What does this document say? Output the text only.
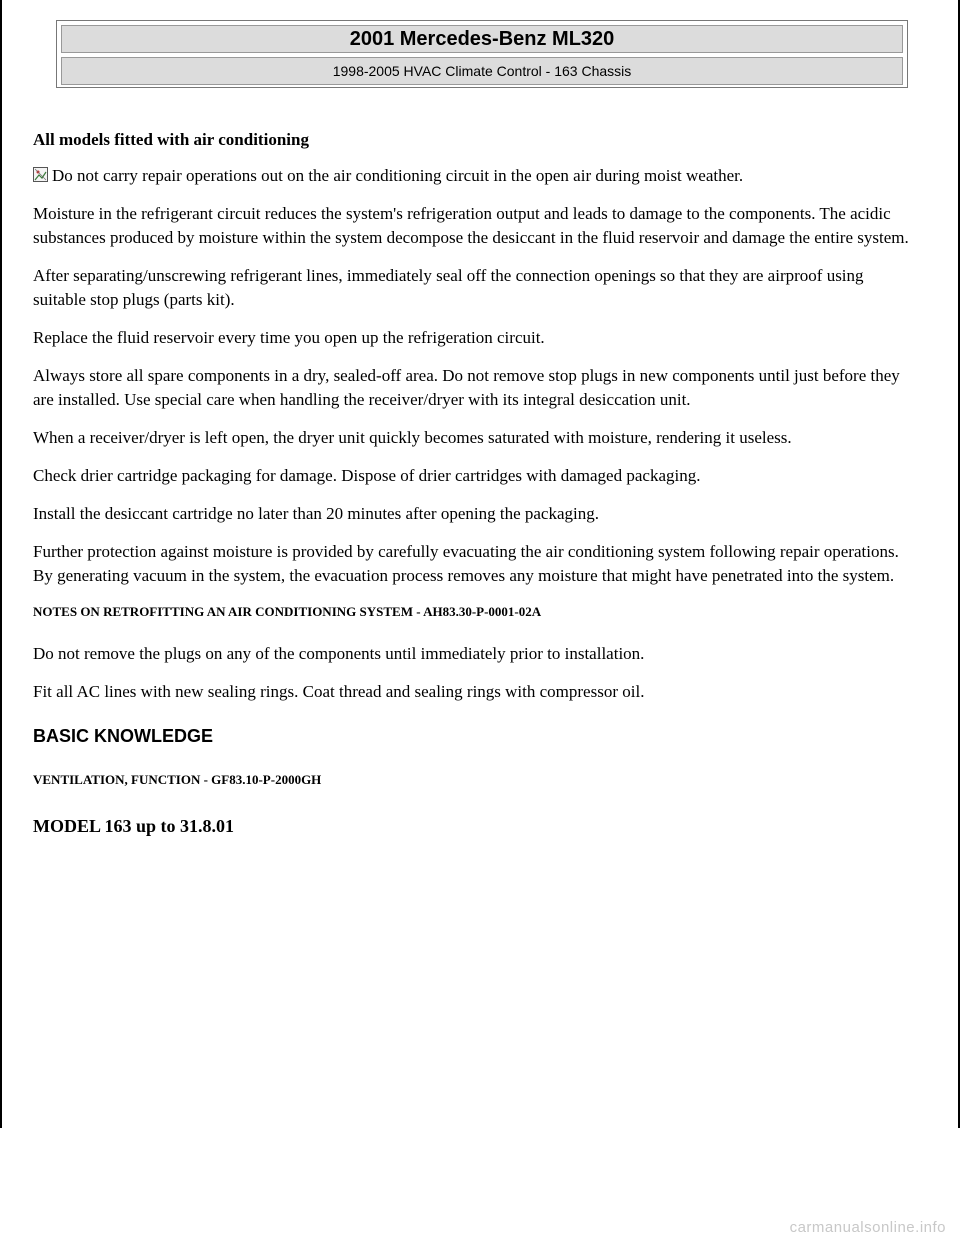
2001 Mercedes-Benz ML320
1998-2005 HVAC Climate Control - 163 Chassis

All models fitted with air conditioning

Do not carry repair operations out on the air conditioning circuit in the open air during moist weather.

Moisture in the refrigerant circuit reduces the system's refrigeration output and leads to damage to the components. The acidic substances produced by moisture within the system decompose the desiccant in the fluid reservoir and damage the entire system.

After separating/unscrewing refrigerant lines, immediately seal off the connection openings so that they are airproof using suitable stop plugs (parts kit).

Replace the fluid reservoir every time you open up the refrigeration circuit.

Always store all spare components in a dry, sealed-off area. Do not remove stop plugs in new components until just before they are installed. Use special care when handling the receiver/dryer with its integral desiccation unit.

When a receiver/dryer is left open, the dryer unit quickly becomes saturated with moisture, rendering it useless.

Check drier cartridge packaging for damage. Dispose of drier cartridges with damaged packaging.

Install the desiccant cartridge no later than 20 minutes after opening the packaging.

Further protection against moisture is provided by carefully evacuating the air conditioning system following repair operations. By generating vacuum in the system, the evacuation process removes any moisture that might have penetrated into the system.

NOTES ON RETROFITTING AN AIR CONDITIONING SYSTEM - AH83.30-P-0001-02A

Do not remove the plugs on any of the components until immediately prior to installation.

Fit all AC lines with new sealing rings. Coat thread and sealing rings with compressor oil.

BASIC KNOWLEDGE

VENTILATION, FUNCTION - GF83.10-P-2000GH

MODEL 163 up to 31.8.01

carmanualsonline.info
